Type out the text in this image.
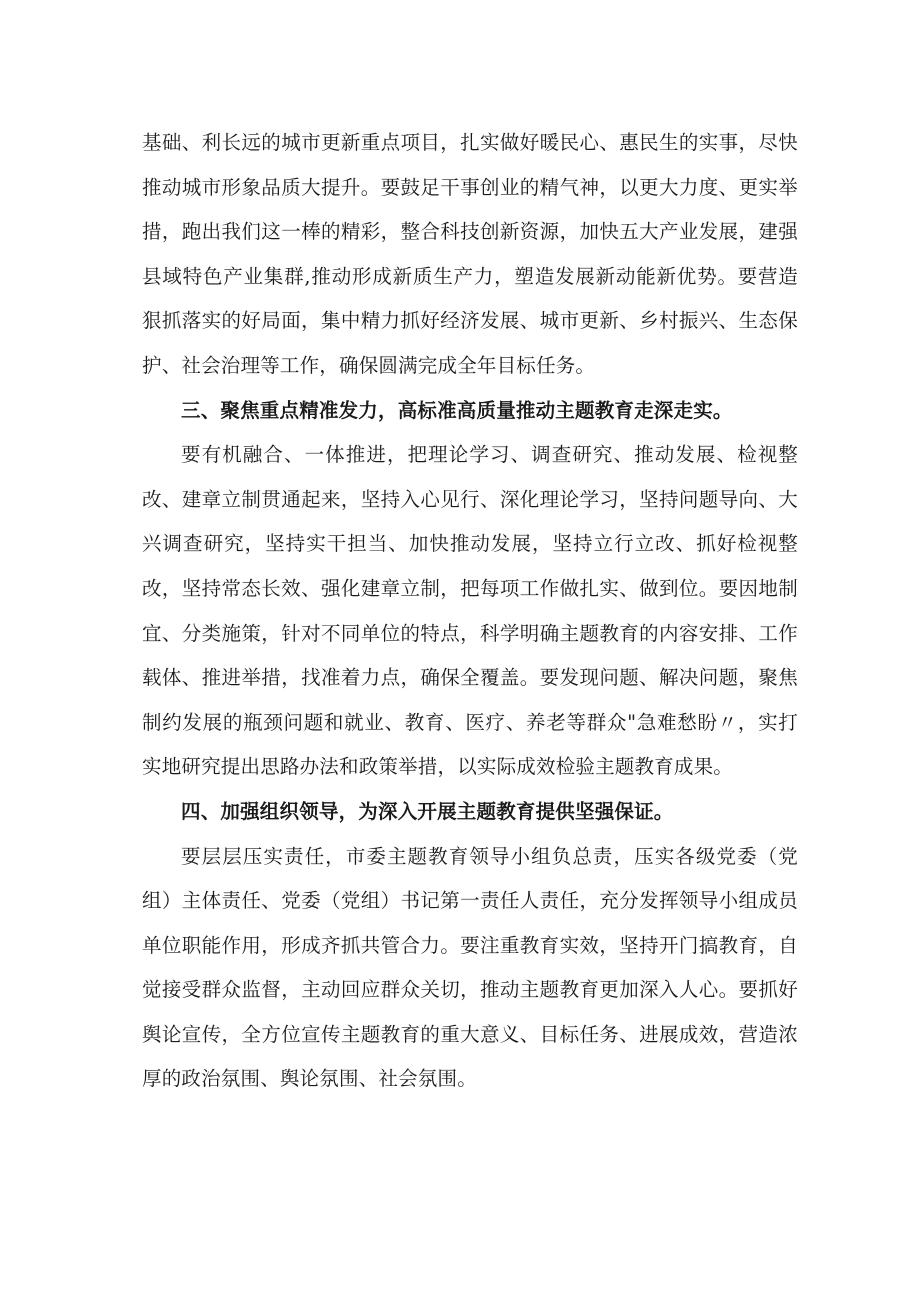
基础、利长远的城市更新重点项目，扎实做好暖民心、惠民生的实事，尽快推动城市形象品质大提升。要鼓足干事创业的精气神，以更大力度、更实举措，跑出我们这一棒的精彩，整合科技创新资源，加快五大产业发展，建强县域特色产业集群,推动形成新质生产力，塑造发展新动能新优势。要营造狠抓落实的好局面，集中精力抓好经济发展、城市更新、乡村振兴、生态保护、社会治理等工作，确保圆满完成全年目标任务。

三、聚焦重点精准发力，高标准高质量推动主题教育走深走实。

要有机融合、一体推进，把理论学习、调查研究、推动发展、检视整改、建章立制贯通起来，坚持入心见行、深化理论学习，坚持问题导向、大兴调查研究，坚持实干担当、加快推动发展，坚持立行立改、抓好检视整改，坚持常态长效、强化建章立制，把每项工作做扎实、做到位。要因地制宜、分类施策，针对不同单位的特点，科学明确主题教育的内容安排、工作载体、推进举措，找准着力点，确保全覆盖。要发现问题、解决问题，聚焦制约发展的瓶颈问题和就业、教育、医疗、养老等群众"急难愁盼〃，实打实地研究提出思路办法和政策举措，以实际成效检验主题教育成果。

四、加强组织领导，为深入开展主题教育提供坚强保证。

要层层压实责任，市委主题教育领导小组负总责，压实各级党委（党组）主体责任、党委（党组）书记第一责任人责任，充分发挥领导小组成员单位职能作用，形成齐抓共管合力。要注重教育实效，坚持开门搞教育，自觉接受群众监督，主动回应群众关切，推动主题教育更加深入人心。要抓好舆论宣传，全方位宣传主题教育的重大意义、目标任务、进展成效，营造浓厚的政治氛围、舆论氛围、社会氛围。
